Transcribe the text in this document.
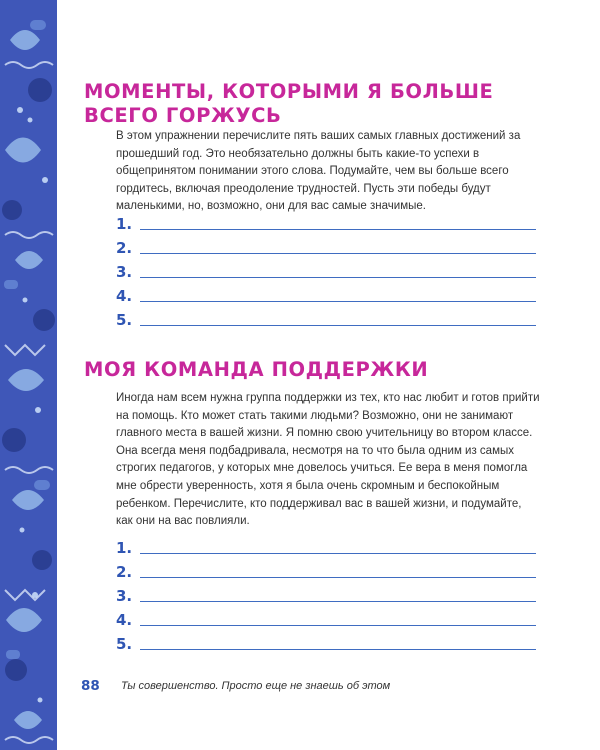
МОМЕНТЫ, КОТОРЫМИ Я БОЛЬШЕ ВСЕГО ГОРЖУСЬ

В этом упражнении перечислите пять ваших самых главных достижений за прошедший год. Это необязательно должны быть какие-то успехи в общепринятом понимании этого слова. Подумайте, чем вы больше всего гордитесь, включая преодоление трудностей. Пусть эти победы будут маленькими, но, возможно, они для вас самые значимые.

1.
2.
3.
4.
5.
МОЯ КОМАНДА ПОДДЕРЖКИ

Иногда нам всем нужна группа поддержки из тех, кто нас любит и готов прийти на помощь. Кто может стать такими людьми? Возможно, они не занимают главного места в вашей жизни. Я помню свою учительницу во втором классе. Она всегда меня подбадривала, несмотря на то что была одним из самых строгих педагогов, у которых мне довелось учиться. Ее вера в меня помогла мне обрести уверенность, хотя я была очень скромным и беспокойным ребенком. Перечислите, кто поддерживал вас в вашей жизни, и подумайте, как они на вас повлияли.

1.
2.
3.
4.
5.
88 Ты совершенство. Просто еще не знаешь об этом
